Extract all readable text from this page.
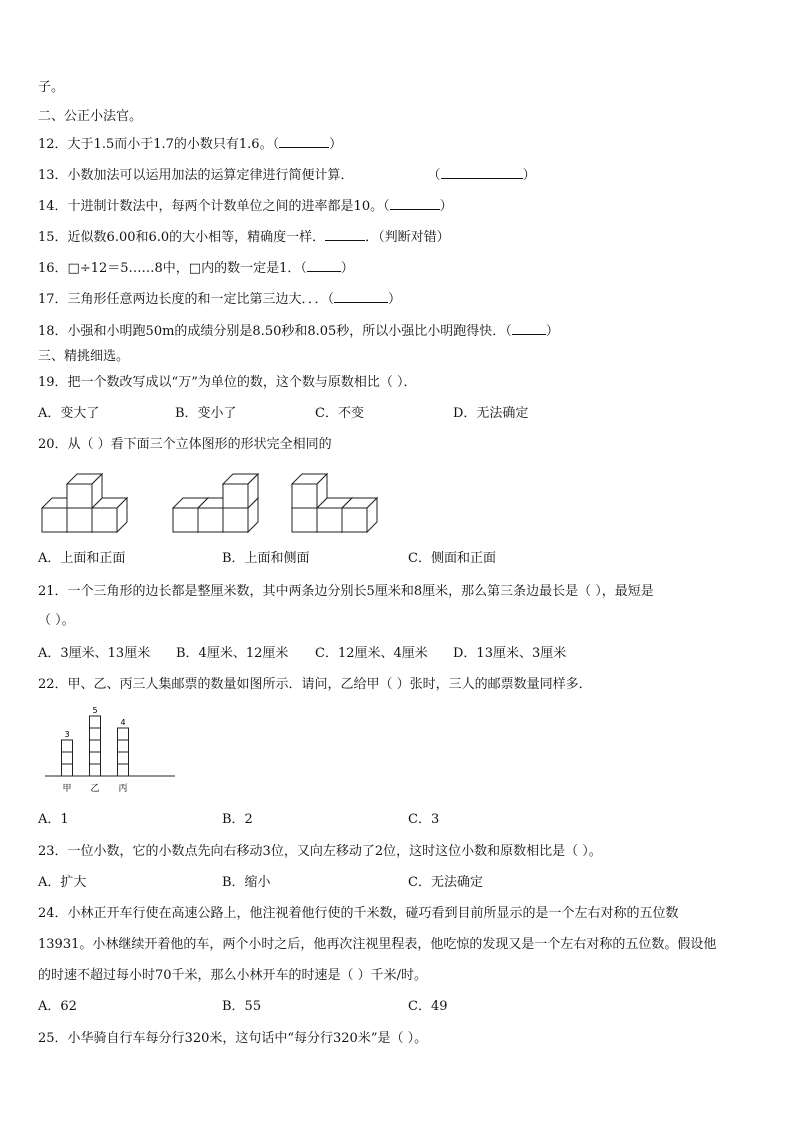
子。
二、公正小法官。
12．大于1.5而小于1.7的小数只有1.6。（	）
13．小数加法可以运用加法的运算定律进行简便计算．	（	）
14．十进制计数法中，每两个计数单位之间的进率都是10。（	）
15．近似数6.00和6.0的大小相等，精确度一样．	．（判断对错）
16．□÷12＝5……8中，□内的数一定是1．（	）
17．三角形任意两边长度的和一定比第三边大．．．（	）
18．小强和小明跑50m的成绩分别是8.50秒和8.05秒，所以小强比小明跑得快．（	）
三、精挑细选。
19．把一个数改写成以“万”为单位的数，这个数与原数相比（ ）．
A．变大了	B．变小了	C．不变	D．无法确定
20．从（ ）看下面三个立体图形的形状完全相同的
A．上面和正面	B．上面和侧面	C．侧面和正面
21．一个三角形的边长都是整厘米数，其中两条边分别长5厘米和8厘米，那么第三条边最长是（ ），最短是
（ ）。
A．3厘米、13厘米 B．4厘米、12厘米 C．12厘米、4厘米 D．13厘米、3厘米
22．甲、乙、丙三人集邮票的数量如图所示．请问，乙给甲（ ）张时，三人的邮票数量同样多．
3
甲
5
乙
4
丙
A．1	B．2	C．3
23．一位小数，它的小数点先向右移动3位，又向左移动了2位，这时这位小数和原数相比是（ ）。
A．扩大	B．缩小	C．无法确定
24．小林正开车行使在高速公路上，他注视着他行使的千米数，碰巧看到目前所显示的是一个左右对称的五位数
13931。小林继续开着他的车，两个小时之后，他再次注视里程表，他吃惊的发现又是一个左右对称的五位数。假设他
的时速不超过每小时70千米，那么小林开车的时速是（ ）千米/时。
A．62	B．55	C．49
25．小华骑自行车每分行320米，这句话中“每分行320米”是（ ）。
